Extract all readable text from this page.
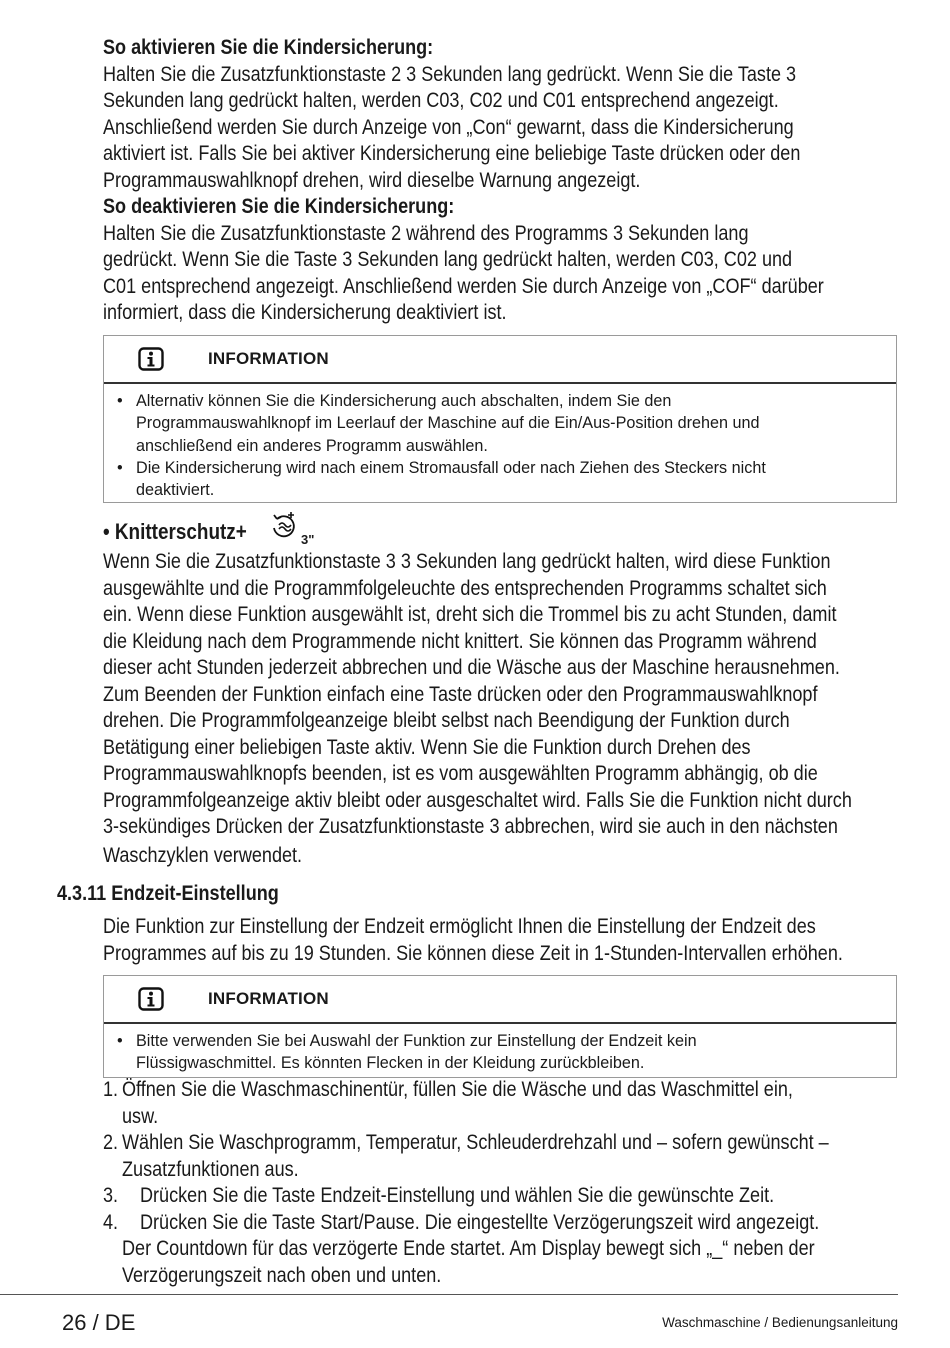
So aktivieren Sie die Kindersicherung:

Halten Sie die Zusatzfunktionstaste 2 3 Sekunden lang gedrückt. Wenn Sie die Taste 3

Sekunden lang gedrückt halten, werden C03, C02 und C01 entsprechend angezeigt.

Anschließend werden Sie durch Anzeige von „Con“ gewarnt, dass die Kindersicherung

aktiviert ist. Falls Sie bei aktiver Kindersicherung eine beliebige Taste drücken oder den

Programmauswahlknopf drehen, wird dieselbe Warnung angezeigt.

So deaktivieren Sie die Kindersicherung:

Halten Sie die Zusatzfunktionstaste 2 während des Programms 3 Sekunden lang

gedrückt. Wenn Sie die Taste 3 Sekunden lang gedrückt halten, werden C03, C02 und

C01 entsprechend angezeigt. Anschließend werden Sie durch Anzeige von „COF“ darüber

informiert, dass die Kindersicherung deaktiviert ist.

INFORMATION
• Alternativ können Sie die Kindersicherung auch abschalten, indem Sie den
Programmauswahlknopf im Leerlauf der Maschine auf die Ein/Aus-Position drehen und
anschließend ein anderes Programm auswählen.
• Die Kindersicherung wird nach einem Stromausfall oder nach Ziehen des Steckers nicht
deaktiviert.

• Knitterschutz+	3"

Wenn Sie die Zusatzfunktionstaste 3 3 Sekunden lang gedrückt halten, wird diese Funktion

ausgewählte und die Programmfolgeleuchte des entsprechenden Programms schaltet sich

ein. Wenn diese Funktion ausgewählt ist, dreht sich die Trommel bis zu acht Stunden, damit

die Kleidung nach dem Programmende nicht knittert. Sie können das Programm während

dieser acht Stunden jederzeit abbrechen und die Wäsche aus der Maschine herausnehmen.

Zum Beenden der Funktion einfach eine Taste drücken oder den Programmauswahlknopf

drehen. Die Programmfolgeanzeige bleibt selbst nach Beendigung der Funktion durch

Betätigung einer beliebigen Taste aktiv. Wenn Sie die Funktion durch Drehen des

Programmauswahlknopfs beenden, ist es vom ausgewählten Programm abhängig, ob die

Programmfolgeanzeige aktiv bleibt oder ausgeschaltet wird. Falls Sie die Funktion nicht durch

3-sekündiges Drücken der Zusatzfunktionstaste 3 abbrechen, wird sie auch in den nächsten

Waschzyklen verwendet.

4.3.11 Endzeit-Einstellung

Die Funktion zur Einstellung der Endzeit ermöglicht Ihnen die Einstellung der Endzeit des

Programmes auf bis zu 19 Stunden. Sie können diese Zeit in 1-Stunden-Intervallen erhöhen.

INFORMATION
• Bitte verwenden Sie bei Auswahl der Funktion zur Einstellung der Endzeit kein
Flüssigwaschmittel. Es könnten Flecken in der Kleidung zurückbleiben.
1. Öffnen Sie die Waschmaschinentür, füllen Sie die Wäsche und das Waschmittel ein,

usw.

2. Wählen Sie Waschprogramm, Temperatur, Schleuderdrehzahl und – sofern gewünscht –

Zusatzfunktionen aus.

3. Drücken Sie die Taste Endzeit-Einstellung und wählen Sie die gewünschte Zeit.

4. Drücken Sie die Taste Start/Pause. Die eingestellte Verzögerungszeit wird angezeigt.

Der Countdown für das verzögerte Ende startet. Am Display bewegt sich „_“ neben der

Verzögerungszeit nach oben und unten.

26 / DE	Waschmaschine / Bedienungsanleitung
